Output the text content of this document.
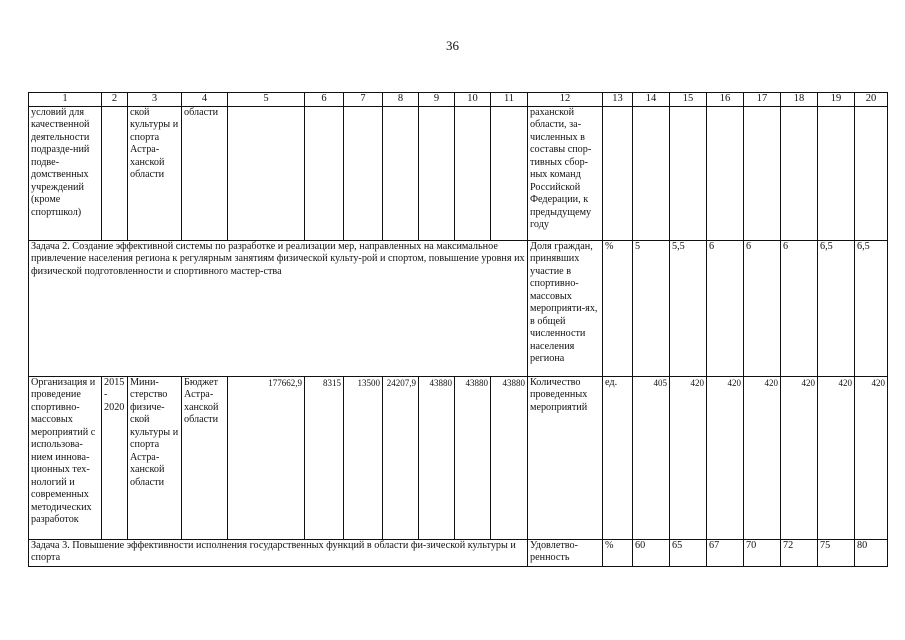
36
1	2	3	4	5	6	7	8	9	10	11	12	13	14	15	16	17	18	19	20
условий для качественной деятельности подразде-ний подве-домственных учреждений (кроме спортшкол)		ской культуры и спорта Астра-ханской области	области								раханской области, за-численных в составы спор-тивных сбор-ных команд Российской Федерации, к предыдущему году								
Задача 2. Создание эффективной системы по разработке и реализации мер, направленных на максимальное привлечение населения региона к регулярным занятиям физической культу-рой и спортом, повышение уровня их физической подготовленности и спортивного мастер-ства											Доля граждан, принявших участие в спортивно-массовых мероприяти-ях, в общей численности населения региона	%	5	5,5	6	6	6	6,5	6,5
Организация и проведение спортивно-массовых мероприятий с использова-нием иннова-ционных тех-нологий и современных методических разработок	2015 - 2020	Мини-стерство физиче-ской культуры и спорта Астра-ханской области	Бюджет Астра-ханской области	177662,9	8315	13500	24207,9	43880	43880	43880	Количество проведенных мероприятий	ед.	405	420	420	420	420	420	420
Задача 3. Повышение эффективности исполнения государственных функций в области фи-зической культуры и спорта											Удовлетво-ренность	%	60	65	67	70	72	75	80
